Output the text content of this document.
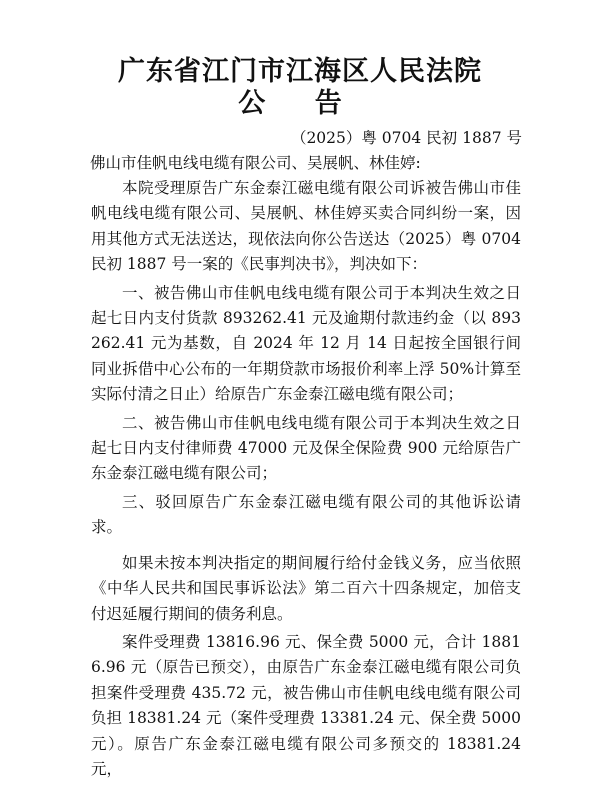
广东省江门市江海区人民法院
公 告
（2025）粤 0704 民初 1887 号
佛山市佳帆电线电缆有限公司、吴展帆、林佳婷:

本院受理原告广东金泰江磁电缆有限公司诉被告佛山市佳帆电线电缆有限公司、吴展帆、林佳婷买卖合同纠纷一案，因用其他方式无法送达，现依法向你公告送达（2025）粤 0704 民初 1887 号一案的《民事判决书》，判决如下：

一、被告佛山市佳帆电线电缆有限公司于本判决生效之日起七日内支付货款 893262.41 元及逾期付款违约金（以 893262.41 元为基数，自 2024 年 12 月 14 日起按全国银行间同业拆借中心公布的一年期贷款市场报价利率上浮 50%计算至实际付清之日止）给原告广东金泰江磁电缆有限公司；

二、被告佛山市佳帆电线电缆有限公司于本判决生效之日起七日内支付律师费 47000 元及保全保险费 900 元给原告广东金泰江磁电缆有限公司；

三、驳回原告广东金泰江磁电缆有限公司的其他诉讼请求。

如果未按本判决指定的期间履行给付金钱义务，应当依照《中华人民共和国民事诉讼法》第二百六十四条规定，加倍支付迟延履行期间的债务利息。

案件受理费 13816.96 元、保全费 5000 元，合计 18816.96 元（原告已预交），由原告广东金泰江磁电缆有限公司负担案件受理费 435.72 元，被告佛山市佳帆电线电缆有限公司负担 18381.24 元（案件受理费 13381.24 元、保全费 5000 元）。原告广东金泰江磁电缆有限公司多预交的 18381.24 元，
